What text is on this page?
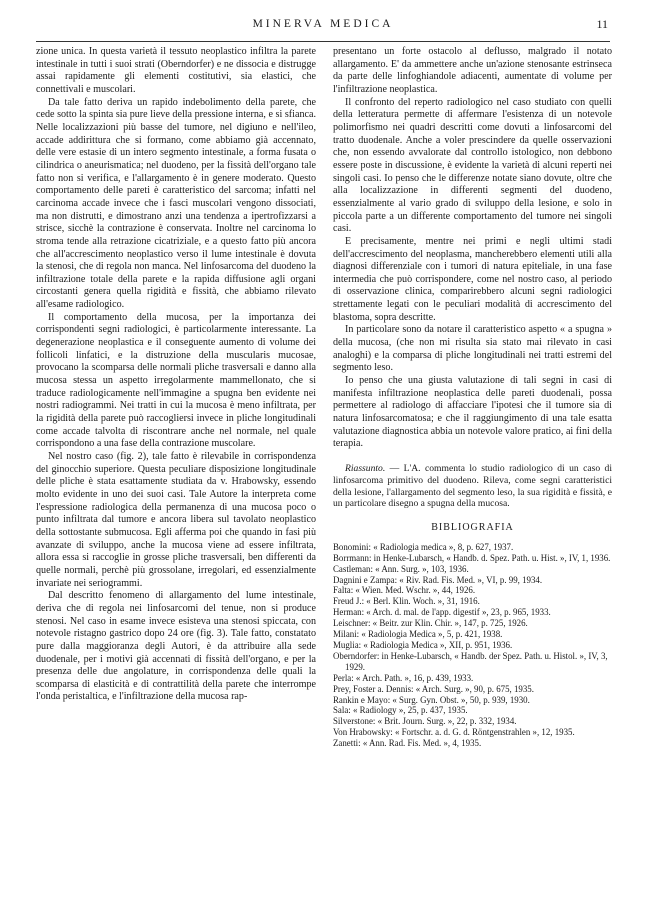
MINERVA MEDICA	11

zione unica. In questa varietà il tessuto neoplastico infiltra la parete intestinale in tutti i suoi strati (Oberndorfer) e ne dissocia e distrugge assai rapidamente gli elementi costitutivi, sia elastici, che connettivali e muscolari.

Da tale fatto deriva un rapido indebolimento della parete, che cede sotto la spinta sia pure lieve della pressione interna, e si sfianca. Nelle localizzazioni più basse del tumore, nel digiuno e nell'ileo, accade addirittura che si formano, come abbiamo già accennato, delle vere estasie di un intero segmento intestinale, a forma fusata o cilindrica o aneurismatica; nel duodeno, per la fissità dell'organo tale fatto non si verifica, e l'allargamento è in genere moderato. Questo comportamento delle pareti è caratteristico del sarcoma; infatti nel carcinoma accade invece che i fasci muscolari vengono dissociati, ma non distrutti, e dimostrano anzi una tendenza a ipertrofizzarsi a strisce, sicchè la contrazione è conservata. Inoltre nel carcinoma lo stroma tende alla retrazione cicatriziale, e a questo fatto più ancora che all'accrescimento neoplastico verso il lume intestinale è dovuta la stenosi, che di regola non manca. Nel linfosarcoma del duodeno la infiltrazione totale della parete e la rapida diffusione agli organi circostanti genera quella rigidità e fissità, che abbiamo rilevato all'esame radiologico.

Il comportamento della mucosa, per la importanza dei corrispondenti segni radiologici, è particolarmente interessante. La degenerazione neoplastica e il conseguente aumento di volume dei follicoli linfatici, e la distruzione della muscularis mucosae, provocano la scomparsa delle normali pliche trasversali e danno alla mucosa stessa un aspetto irregolarmente mammellonato, che si traduce radiologicamente nell'immagine a spugna ben evidente nei nostri radiogrammi. Nei tratti in cui la mucosa è meno infiltrata, per la rigidità della parete può raccogliersi invece in pliche longitudinali come accade talvolta di riscontrare anche nel normale, nel quale corrispondono a una fase della contrazione muscolare.

Nel nostro caso (fig. 2), tale fatto è rilevabile in corrispondenza del ginocchio superiore. Questa peculiare disposizione longitudinale delle pliche è stata esattamente studiata da v. Hrabowsky, essendo molto evidente in uno dei suoi casi. Tale Autore la interpreta come l'espressione radiologica della permanenza di una mucosa poco o punto infiltrata dal tumore e ancora libera sul tavolato neoplastico della sottostante submucosa. Egli afferma poi che quando in fasi più avanzate di sviluppo, anche la mucosa viene ad essere infiltrata, allora essa si raccoglie in grosse pliche trasversali, ben differenti da quelle normali, perchè più grossolane, irregolari, ed essenzialmente invariate nei seriogrammi.

Dal descritto fenomeno di allargamento del lume intestinale, deriva che di regola nei linfosarcomi del tenue, non si produce stenosi. Nel caso in esame invece esisteva una stenosi spiccata, con notevole ristagno gastrico dopo 24 ore (fig. 3). Tale fatto, constatato pure dalla maggioranza degli Autori, è da attribuire alla sede duodenale, per i motivi già accennati di fissità dell'organo, e per la presenza delle due angolature, in corrispondenza delle quali la scomparsa di elasticità e di contrattilità della parete che interrompe l'onda peristaltica, e l'infiltrazione della mucosa rap-

presentano un forte ostacolo al deflusso, malgrado il notato allargamento. E' da ammettere anche un'azione stenosante estrinseca da parte delle linfoghiandole adiacenti, aumentate di volume per l'infiltrazione neoplastica.

Il confronto del reperto radiologico nel caso studiato con quelli della letteratura permette di affermare l'esistenza di un notevole polimorfismo nei quadri descritti come dovuti a linfosarcomi del tratto duodenale. Anche a voler prescindere da quelle osservazioni che, non essendo avvalorate dal controllo istologico, non debbono essere poste in discussione, è evidente la varietà di alcuni reperti nei singoli casi. Io penso che le differenze notate siano dovute, oltre che alla localizzazione in differenti segmenti del duodeno, essenzialmente al vario grado di sviluppo della lesione, e solo in piccola parte a un differente comportamento del tumore nei singoli casi.

E precisamente, mentre nei primi e negli ultimi stadi dell'accrescimento del neoplasma, mancherebbero elementi utili alla diagnosi differenziale con i tumori di natura epiteliale, in una fase intermedia che può corrispondere, come nel nostro caso, al periodo di osservazione clinica, comparirebbero alcuni segni radiologici strettamente legati con le peculiari modalità di accrescimento del blastoma, sopra descritte.

In particolare sono da notare il caratteristico aspetto « a spugna » della mucosa, (che non mi risulta sia stato mai rilevato in casi analoghi) e la comparsa di pliche longitudinali nei tratti estremi del segmento leso.

Io penso che una giusta valutazione di tali segni in casi di manifesta infiltrazione neoplastica delle pareti duodenali, possa permettere al radiologo di affacciare l'ipotesi che il tumore sia di natura linfosarcomatosa; e che il raggiungimento di una tale esatta valutazione diagnostica abbia un notevole valore pratico, ai fini della terapia.

Riassunto. — L'A. commenta lo studio radiologico di un caso di linfosarcoma primitivo del duodeno. Rileva, come segni caratteristici della lesione, l'allargamento del segmento leso, la sua rigidità e fissità, e un particolare disegno a spugna della mucosa.

BIBLIOGRAFIA
Bonomini: « Radiologia medica », 8, p. 627, 1937.
Borrmann: in Henke-Lubarsch, « Handb. d. Spez. Path. u. Hist. », IV, 1, 1936.
Castleman: « Ann. Surg. », 103, 1936.
Dagnini e Zampa: « Riv. Rad. Fis. Med. », VI, p. 99, 1934.
Falta: « Wien. Med. Wschr. », 44, 1926.
Freud J.: « Berl. Klin. Woch. », 31, 1916.
Herman: « Arch. d. mal. de l'app. digestif », 23, p. 965, 1933.
Leischner: « Beitr. zur Klin. Chir. », 147, p. 725, 1926.
Milani: « Radiologia Medica », 5, p. 421, 1938.
Muglia: « Radiologia Medica », XII, p. 951, 1936.
Oberndorfer: in Henke-Lubarsch, « Handb. der Spez. Path. u. Histol. », IV, 3, 1929.
Perla: « Arch. Path. », 16, p. 439, 1933.
Prey, Foster a. Dennis: « Arch. Surg. », 90, p. 675, 1935.
Rankin e Mayo: « Surg. Gyn. Obst. », 50, p. 939, 1930.
Sala: « Radiology », 25, p. 437, 1935.
Silverstone: « Brit. Journ. Surg. », 22, p. 332, 1934.
Von Hrabowsky: « Fortschr. a. d. G. d. Röntgenstrahlen », 12, 1935.
Zanetti: « Ann. Rad. Fis. Med. », 4, 1935.
